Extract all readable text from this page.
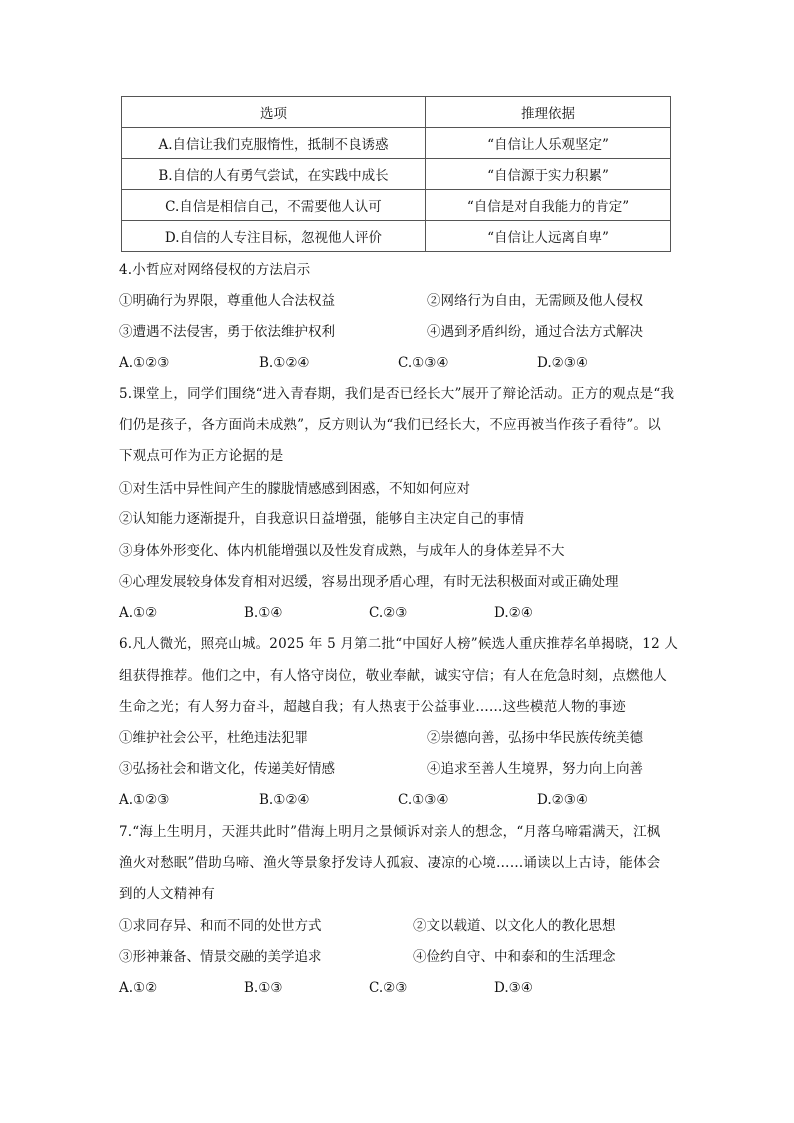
选项	推理依据
A.自信让我们克服惰性，抵制不良诱惑	“自信让人乐观坚定”
B.自信的人有勇气尝试，在实践中成长	“自信源于实力积累”
C.自信是相信自己，不需要他人认可	“自信是对自我能力的肯定”
D.自信的人专注目标，忽视他人评价	“自信让人远离自卑”
4.小哲应对网络侵权的方法启示
①明确行为界限，尊重他人合法权益	②网络行为自由，无需顾及他人侵权
③遭遇不法侵害，勇于依法维护权利	④遇到矛盾纠纷，通过合法方式解决
A.①②③	B.①②④	C.①③④	D.②③④
5.课堂上，同学们围绕“进入青春期，我们是否已经长大”展开了辩论活动。正方的观点是“我
们仍是孩子，各方面尚未成熟”，反方则认为“我们已经长大，不应再被当作孩子看待”。以
下观点可作为正方论据的是
①对生活中异性间产生的朦胧情感感到困惑，不知如何应对
②认知能力逐渐提升，自我意识日益增强，能够自主决定自己的事情
③身体外形变化、体内机能增强以及性发育成熟，与成年人的身体差异不大
④心理发展较身体发育相对迟缓，容易出现矛盾心理，有时无法积极面对或正确处理
A.①②	B.①④	C.②③	D.②④
6.凡人微光，照亮山城。2025 年 5 月第二批“中国好人榜”候选人重庆推荐名单揭晓，12 人
组获得推荐。他们之中，有人恪守岗位，敬业奉献，诚实守信；有人在危急时刻，点燃他人
生命之光；有人努力奋斗，超越自我；有人热衷于公益事业……这些模范人物的事迹
①维护社会公平，杜绝违法犯罪	②崇德向善，弘扬中华民族传统美德
③弘扬社会和谐文化，传递美好情感	④追求至善人生境界，努力向上向善
A.①②③	B.①②④	C.①③④	D.②③④
7.“海上生明月，天涯共此时”借海上明月之景倾诉对亲人的想念，“月落乌啼霜满天，江枫
渔火对愁眠”借助乌啼、渔火等景象抒发诗人孤寂、凄凉的心境……诵读以上古诗，能体会
到的人文精神有
①求同存异、和而不同的处世方式	②文以载道、以文化人的教化思想
③形神兼备、情景交融的美学追求	④俭约自守、中和泰和的生活理念
A.①②	B.①③	C.②③	D.③④
